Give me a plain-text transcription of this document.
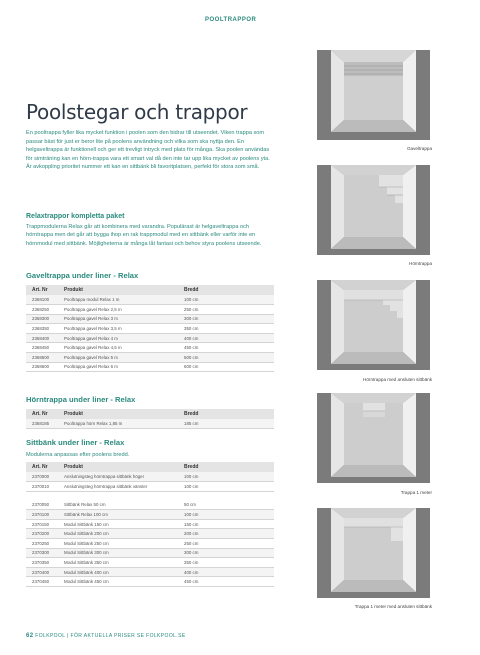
POOLTRAPPOR
Poolstegar och trappor

En pooltrappa fyller lika mycket funktion i poolen som den bidrar till utseendet. Viken trappa som passar bäst för just er beror lite på poolens användning och vilka som ska nyttja den. En helgaveltrappa är funktionell och ger ett trevligt intryck med plats för många. Ska poolen användas för simträning kan en hörn-trappa vara ett smart val då den inte tar upp lika mycket av poolens yta. Är avkoppling prioritet nummer ett kan en sittbänk bli favoritplatsen, perfekt för stora som små.

Relaxtrappor kompletta paket

Trappmodulerna Relax går att kombinera med varandra. Populärast är helgaveltrappa och hörntrappa men det går att bygga ihop en rak trappmodul med en sittbänk eller varför inte en hörnmodul med sittbänk. Möjligheterna är många låt fantasi och behov styra poolens utseende.

Gaveltrappa under liner - Relax
Art. Nr	Produkt	Bredd
2368100	Pooltrappa modul Relax 1 m	100 cm
2368250	Pooltrappa gavel Relax 2,5 m	250 cm
2368300	Pooltrappa gavel Relax 3 m	300 cm
2368350	Pooltrappa gavel Relax 3,5 m	350 cm
2368400	Pooltrappa gavel Relax 4 m	400 cm
2368450	Pooltrappa gavel Relax 4,5 m	450 cm
2368500	Pooltrappa gavel Relax 5 m	500 cm
2368600	Pooltrappa gavel Relax 6 m	600 cm
Hörntrappa under liner - Relax
Art. Nr	Produkt	Bredd
2368185	Pooltrappa hörn Relax 1,85 m	185 cm
Sittbänk under liner - Relax

Modulerna anpassas efter poolens bredd.

Art. Nr	Produkt	Bredd
2370000	Anslutningsteg hörntrappa sittbänk höger	100 cm
2370010	Anslutningsteg hörntrappa sittbänk vänster	100 cm

2370050	Sittbänk Relax 50 cm	50 cm
2370100	Sittbänk Relax 100 cm	100 cm
2370150	Modul Sittbänk 150 cm	150 cm
2370200	Modul Sittbänk 200 cm	200 cm
2370250	Modul Sittbänk 250 cm	250 cm
2370300	Modul Sittbänk 300 cm	300 cm
2370350	Modul Sittbänk 350 cm	350 cm
2370400	Modul Sittbänk 400 cm	400 cm
2370450	Modul Sittbänk 450 cm	450 cm
Gaveltrappa
Hörntrappa
Hörntrappa med ansluten sittbänk
Trappa 1 meter
Trappa 1 meter med ansluten sittbänk
62 FOLKPOOL | FÖR AKTUELLA PRISER SE FOLKPOOL.SE
